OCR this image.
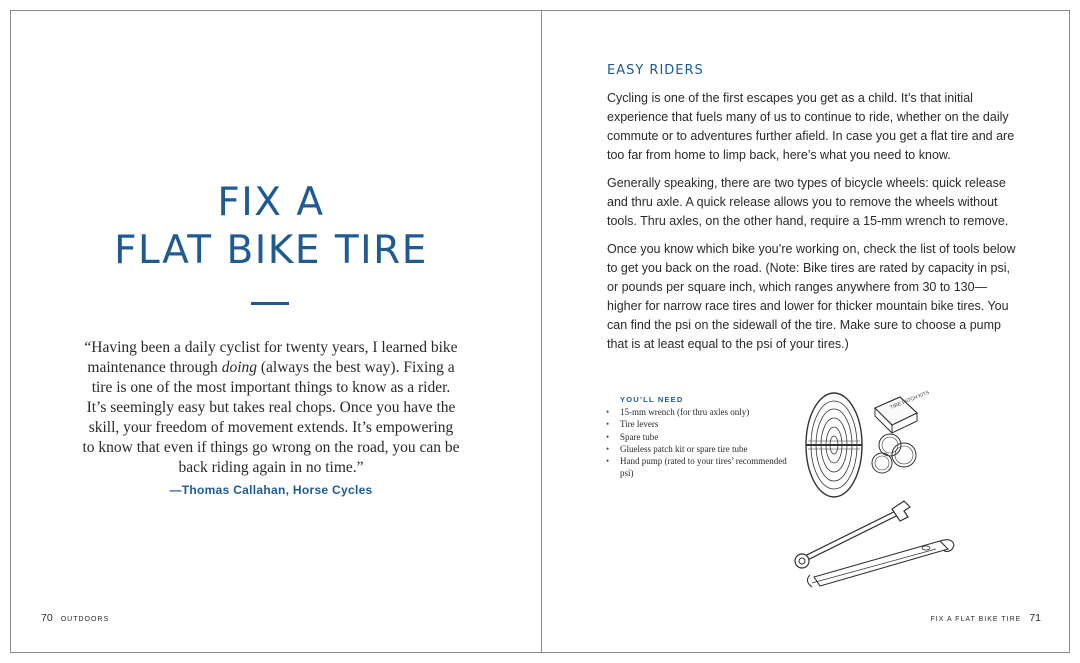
FIX A
FLAT BIKE TIRE
“Having been a daily cyclist for twenty years, I learned bike maintenance through doing (always the best way). Fixing a tire is one of the most important things to know as a rider. It’s seemingly easy but takes real chops. Once you have the skill, your freedom of movement extends. It’s empowering to know that even if things go wrong on the road, you can be back riding again in no time.”
—Thomas Callahan, Horse Cycles
70 OUTDOORS
EASY RIDERS

Cycling is one of the first escapes you get as a child. It’s that initial experience that fuels many of us to continue to ride, whether on the daily commute or to adventures further afield. In case you get a flat tire and are too far from home to limp back, here’s what you need to know.

Generally speaking, there are two types of bicycle wheels: quick release and thru axle. A quick release allows you to remove the wheels without tools. Thru axles, on the other hand, require a 15-mm wrench to remove.

Once you know which bike you’re working on, check the list of tools below to get you back on the road. (Note: Bike tires are rated by capacity in psi, or pounds per square inch, which ranges anywhere from 30 to 130—higher for narrow race tires and lower for thicker mountain bike tires. You can find the psi on the sidewall of the tire. Make sure to choose a pump that is at least equal to the psi of your tires.)

YOU’LL NEED
• 15-mm wrench (for thru axles only)
• Tire levers
• Spare tube
• Glueless patch kit or spare tire tube
• Hand pump (rated to your tires’ recommended psi)
TIRE PATCH KITS
FIX A FLAT BIKE TIRE 71
